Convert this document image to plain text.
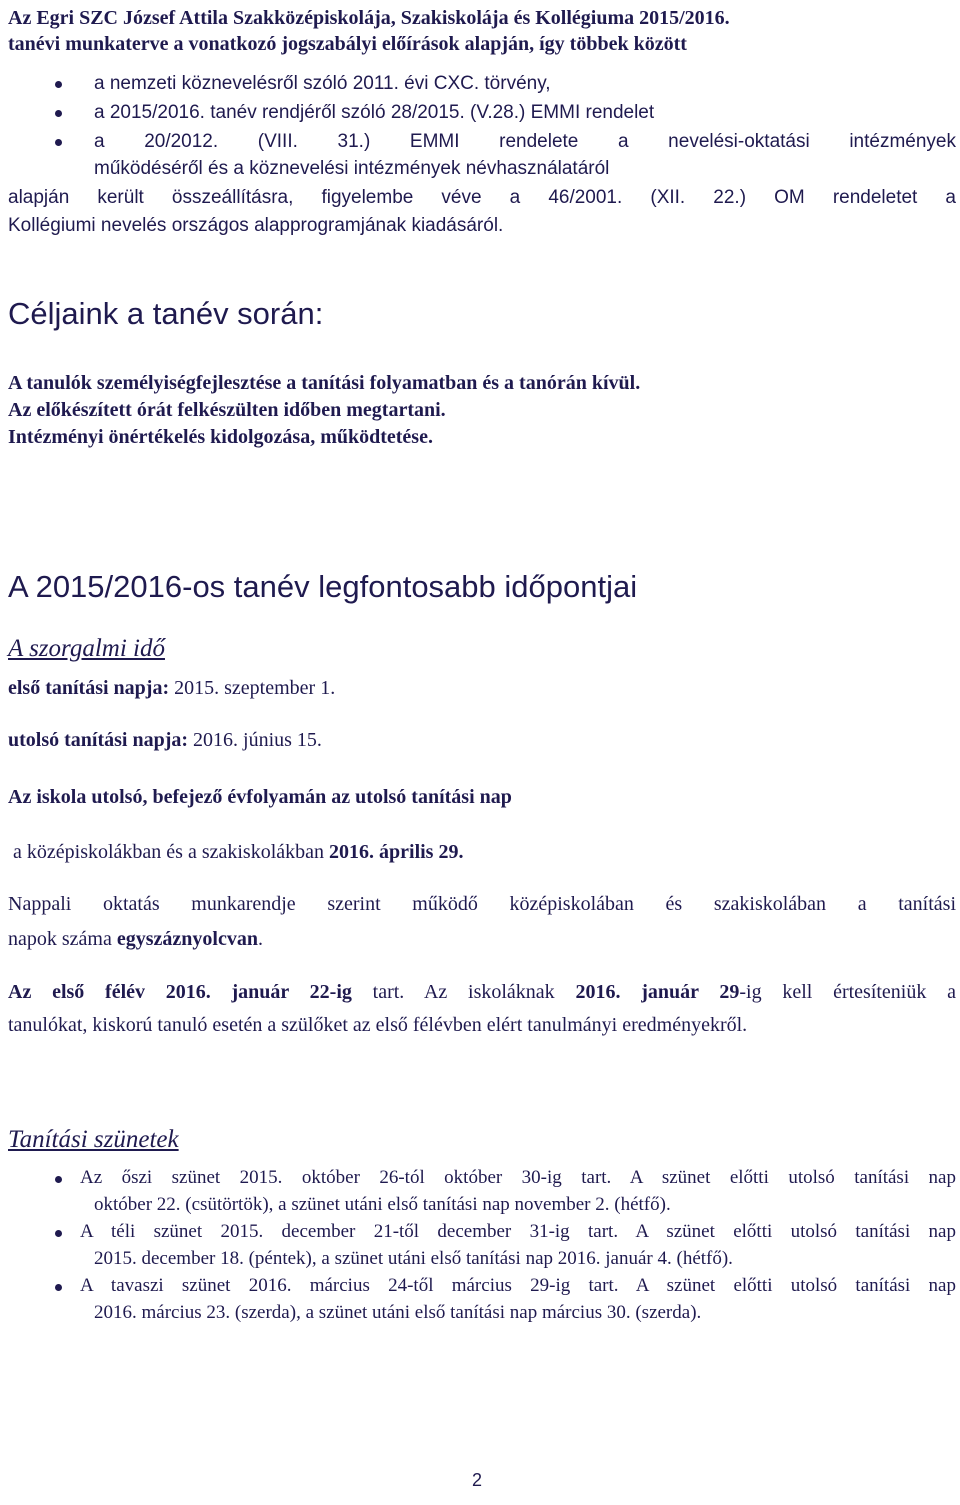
Az Egri SZC József Attila Szakközépiskolája, Szakiskolája és Kollégiuma 2015/2016.
tanévi munkaterve a vonatkozó jogszabályi előírások alapján, így többek között
a nemzeti köznevelésről szóló 2011. évi CXC. törvény,
a 2015/2016. tanév rendjéről szóló 28/2015. (V.28.) EMMI rendelet
a 20/2012. (VIII. 31.) EMMI rendelete a nevelési-oktatási intézmények
működéséről és a köznevelési intézmények névhasználatáról
alapján került összeállításra, figyelembe véve a 46/2001. (XII. 22.) OM rendeletet a
Kollégiumi nevelés országos alapprogramjának kiadásáról.
Céljaink a tanév során:
A tanulók személyiségfejlesztése a tanítási folyamatban és a tanórán kívül.
Az előkészített órát felkészülten időben megtartani.
Intézményi önértékelés kidolgozása, működtetése.
A 2015/2016-os tanév legfontosabb időpontjai
A szorgalmi idő
első tanítási napja: 2015. szeptember 1.
utolsó tanítási napja: 2016. június 15.
Az iskola utolsó, befejező évfolyamán az utolsó tanítási nap
a középiskolákban és a szakiskolákban 2016. április 29.
Nappali oktatás munkarendje szerint működő középiskolában és szakiskolában a tanítási
napok száma egyszáznyolcvan.
Az első félév 2016. január 22-ig tart. Az iskoláknak 2016. január 29-ig kell értesíteniük a
tanulókat, kiskorú tanuló esetén a szülőket az első félévben elért tanulmányi eredményekről.
Tanítási szünetek
Az őszi szünet 2015. október 26-tól október 30-ig tart. A szünet előtti utolsó tanítási nap
október 22. (csütörtök), a szünet utáni első tanítási nap november 2. (hétfő).
A téli szünet 2015. december 21-től december 31-ig tart. A szünet előtti utolsó tanítási nap
2015. december 18. (péntek), a szünet utáni első tanítási nap 2016. január 4. (hétfő).
A tavaszi szünet 2016. március 24-től március 29-ig tart. A szünet előtti utolsó tanítási nap
2016. március 23. (szerda), a szünet utáni első tanítási nap március 30. (szerda).
2
